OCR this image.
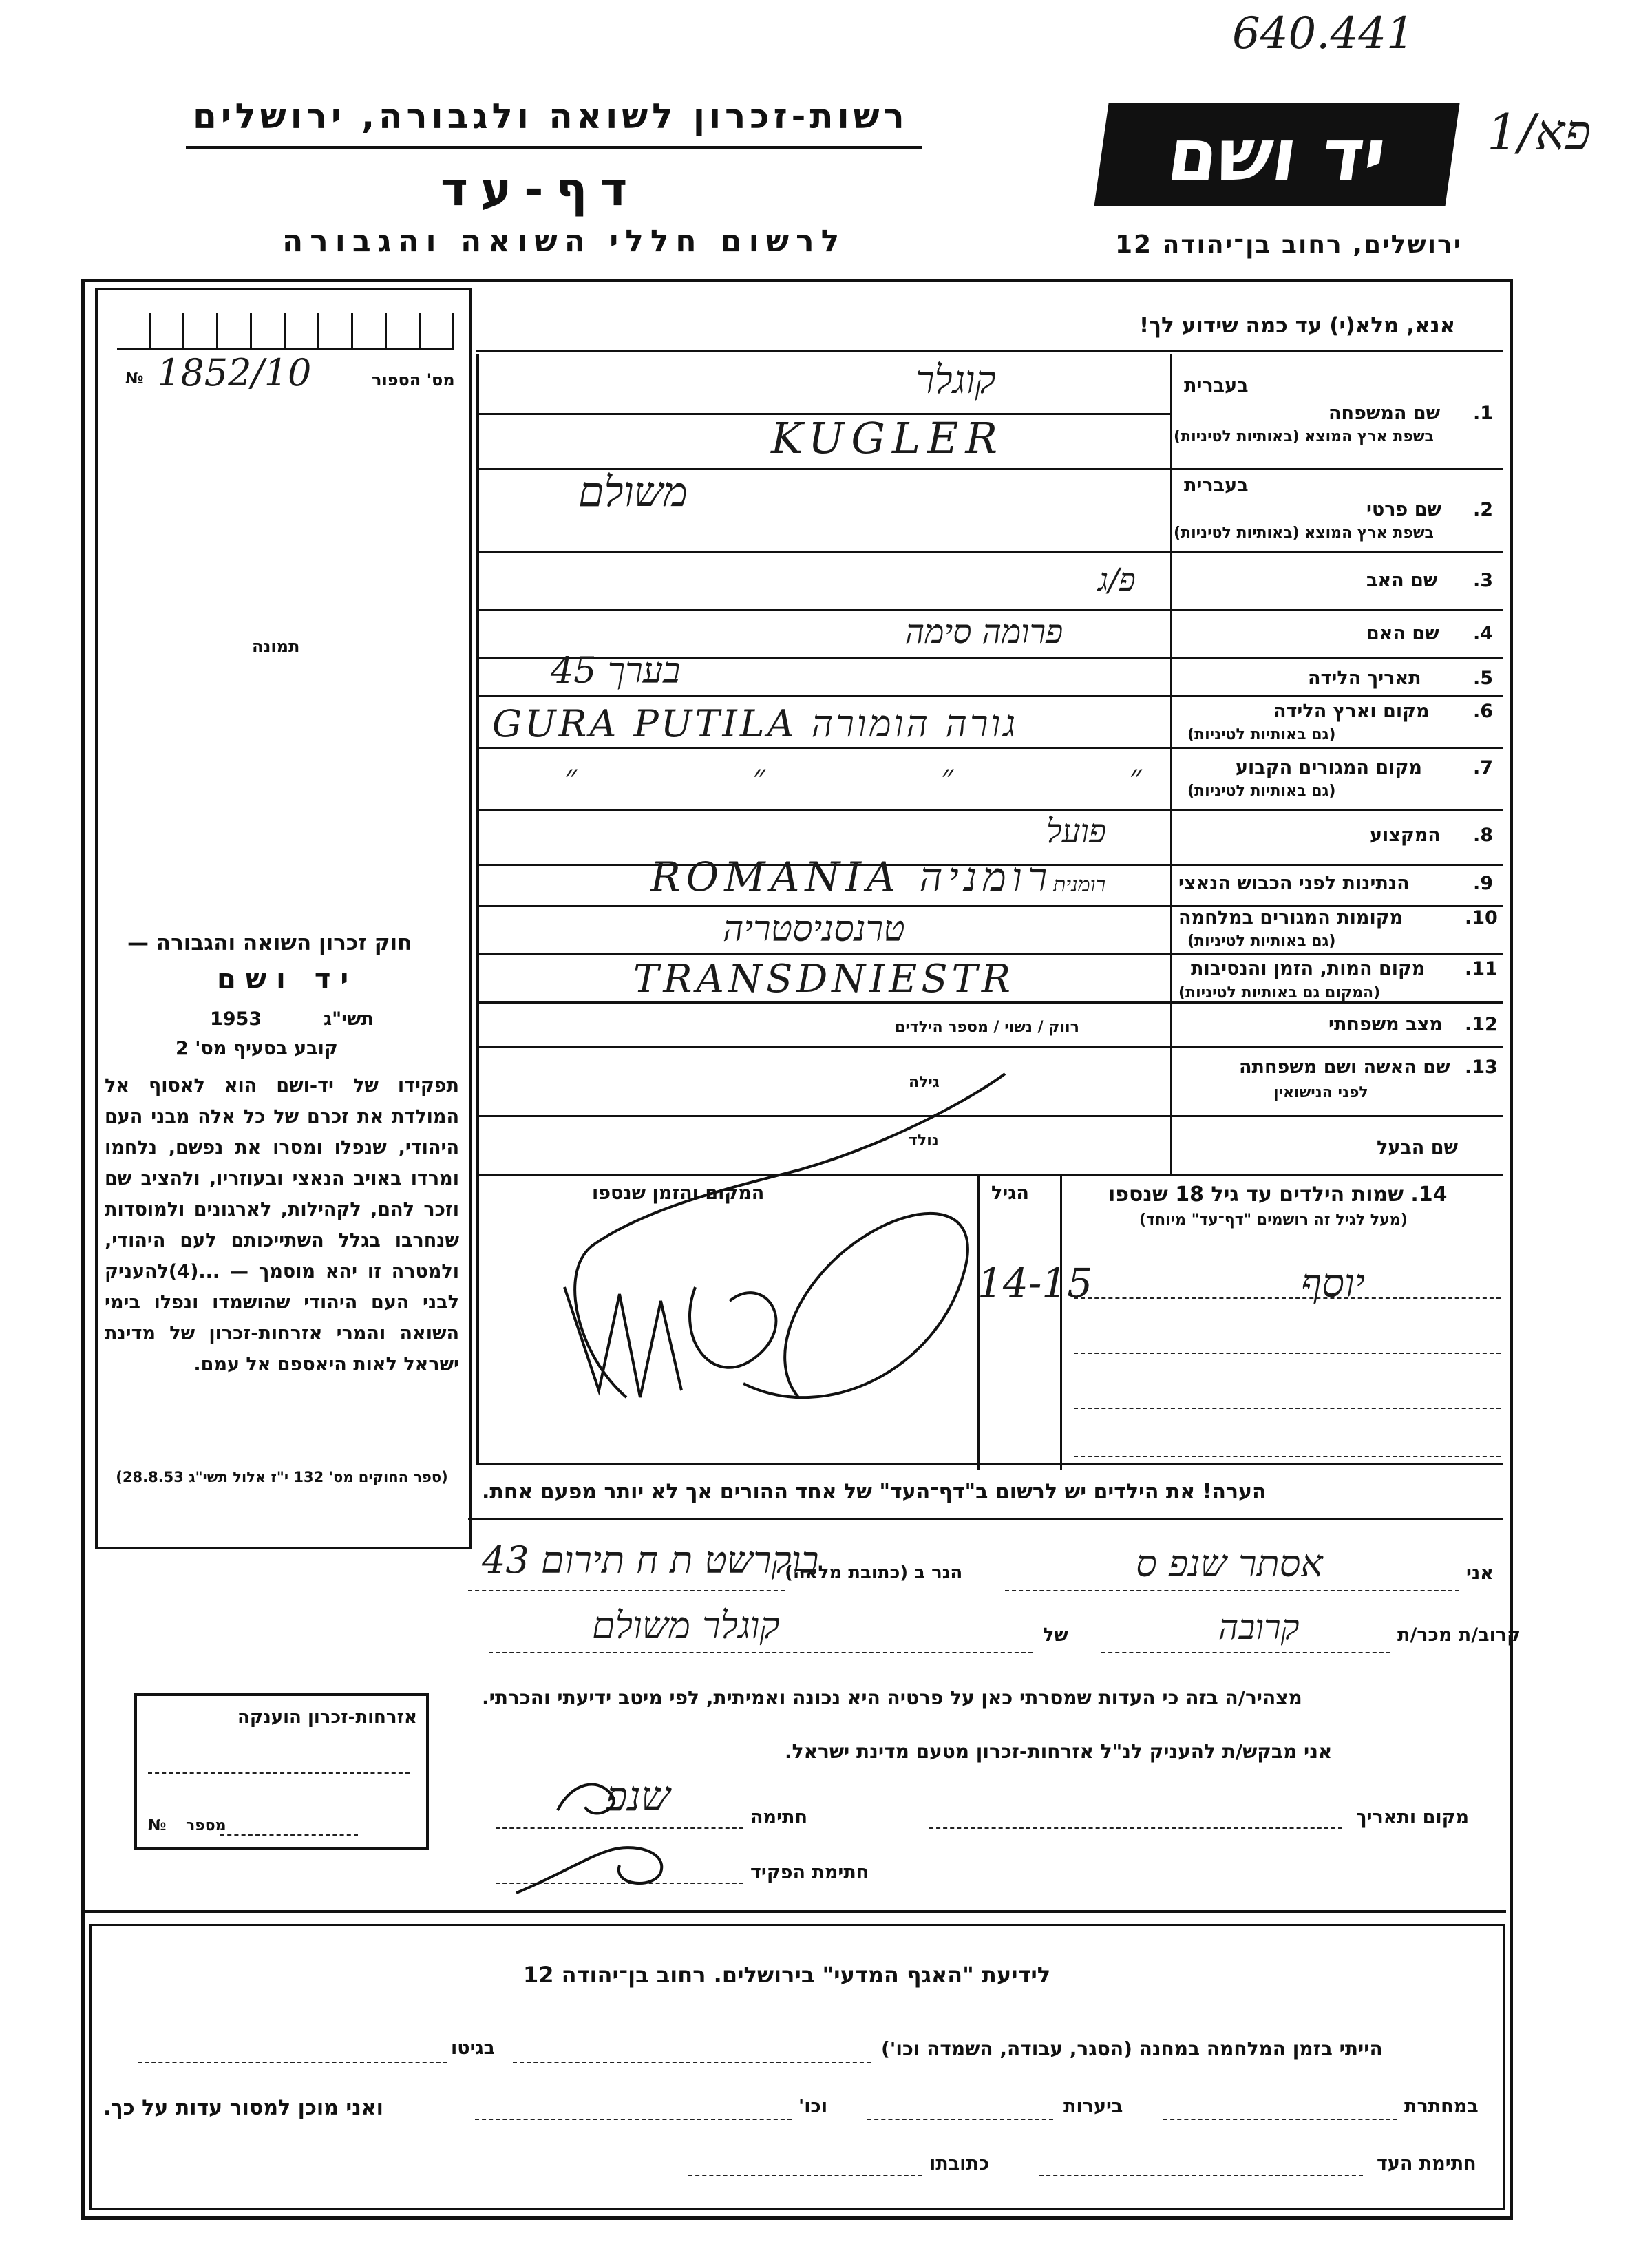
640.441
פא/1
רשות-זכרון לשואה ולגבורה, ירושלים
דף-עד
לרשום חללי השואה והגבורה
יד ושם
ירושלים, רחוב בן־יהודה 12
מס' הספור
№ 1852/10
תמונה
חוק זכרון השואה והגבורה —
יד ושם
תשי"ג
1953
קובע בסעיף מס' 2
תפקידו של יד-ושם הוא לאסוף אל המולדת את זכרם של כל אלה מבני העם היהודי, שנפלו ומסרו את נפשם, נלחמו ומרדו באויב הנאצי ובעוזריו, ולהציב שם וזכר להם, לקהילות, לארגונים ולמוסדות שנחרבו בגלל השתייכותם לעם היהודי, ולמטרה זו יהא מוסמך — ...(4)להעניק לבני העם היהודי שהושמדו ונפלו בימי השואה והמרי אזרחות-זכרון של מדינת ישראל לאות היאספם אל עמם.
(ספר החוקים מס' 132 י"ז אלול תשי"ג 28.8.53)
אנא, מלא(י) עד כמה שידוע לך!
בעברית
1.
שם המשפחה
בשפת ארץ המוצא (באותיות לטיניות)
קוגלר
KUGLER
בעברית
2.
שם פרטי
בשפת ארץ המוצא (באותיות לטיניות)
משולם
3.
שם האב
פ/ג
4.
שם האם
פרומה סימה
5.
תאריך הלידה
בערך 45
6.
מקום וארץ הלידה
(גם באותיות לטיניות)
GURA PUTILA גורה הומורה
7.
מקום המגורים הקבוע
(גם באותיות לטיניות)
״ ״ ״ ״
8.
המקצוע
פועל
9.
הנתינות לפני הכבוש הנאצי
רומנית
ROMANIA רומניה
10.
מקומות המגורים במלחמה
(גם באותיות לטיניות)
טרנסניסטריה
11.
מקום המות, הזמן והנסיבות
(המקום גם באותיות לטיניות)
TRANSDNIESTR
12.
מצב משפחתי
רווק / נשוי / מספר הילדים
13.
שם האשה ושם משפחתה
לפני הנישואין
גילה
נולד	שם הבעל
14. שמות הילדים עד גיל 18 שנספו
(מעל לגיל זה רושמים "דף־עד" מיוחד)
הגיל
המקום והזמן שנספו
יוסף
14-15
הערה! את הילדים יש לרשום ב"דף־העד" של אחד ההורים אך לא יותר מפעם אחת.
אני
אסתר שנפ ס
הגר ב (כתובת מלאה)
בוקרשט ת ח תירום 43
קרוב/ת מכר/ת
קרובה
של
קוגלר משולם
מצהיר/ה בזה כי העדות שמסרתי כאן על פרטיה היא נכונה ואמיתית, לפי מיטב ידיעתי והכרתי.
אני מבקש/ת להעניק לנ"ל אזרחות-זכרון מטעם מדינת ישראל.
מקום ותאריך
חתימה
שנפ
חתימת הפקיד
אזרחות-זכרון הוענקה
מספר
№
לידיעת "האגף המדעי" בירושלים. רחוב בן־יהודה 12
הייתי בזמן המלחמה במחנה (הסגר, עבודה, השמדה וכו')
בגיטו
במחתרת
ביערות
וכו'
ואני מוכן למסור עדות על כך.
חתימת העד
כתובתו
